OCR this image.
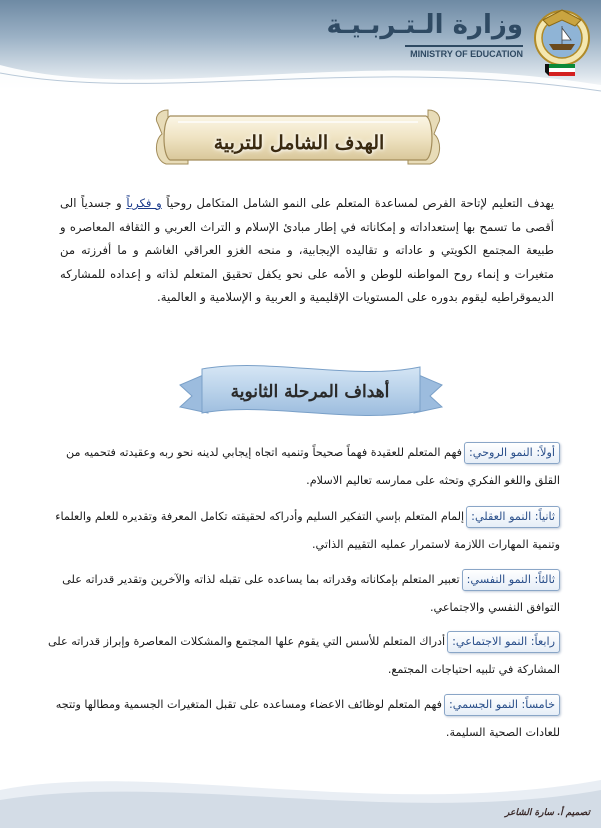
وزارة الـتـربـيـة
MINISTRY OF EDUCATION
الهدف الشامل للتربية
يهدف التعليم لإتاحة الفرص لمساعدة المتعلم على النمو الشامل المتكامل روحياً و فكرياً و جسدياً الى أقصى ما تسمح بها إستعداداته و إمكاناته في إطار مبادئ الإسلام و التراث العربي و الثقافه المعاصره و طبيعة المجتمع الكويتي و عاداته و تقاليده الإيجابية، و منحه الغزو العراقي الغاشم و ما أفرزته من متغيرات و إنماء روح المواطنه للوطن و الأمه على نحو يكفل تحقيق المتعلم لذاته و إعداده للمشاركه الديموقراطيه ليقوم بدوره على المستويات الإقليمية و العربية و الإسلامية و العالمية.
أهداف المرحلة الثانوية
أولاً: النمو الروحي:فهم المتعلم للعقيدة فهماً صحيحاً وتنميه اتجاه إيجابي لدينه نحو ربه وعقيدته فتحميه من القلق واللغو الفكري وتحثه على ممارسه تعاليم الاسلام.
ثانياً: النمو العقلي:إلمام المتعلم بإسي التفكير السليم وأدراكه لحقيقته تكامل المعرفة وتقديره للعلم والعلماء وتنمية المهارات اللازمة لاستمرار عمليه التقييم الذاتي.
ثالثاً: النمو النفسي:تعبير المتعلم بإمكاناته وقدراته بما يساعده على تقبله لذاته والآخرين وتقدير قدراته على التوافق النفسي والاجتماعي.
رابعاً: النمو الاجتماعي:أدراك المتعلم للأسس التي يقوم علها المجتمع والمشكلات المعاصرة وإبراز قدراته على المشاركة في تلبيه احتياجات المجتمع.
خامساً: النمو الجسمي:فهم المتعلم لوظائف الاعضاء ومساعده على تقبل المتغيرات الجسمية ومطالها وتتجه للعادات الصحية السليمة.
تصميم أ. سارة الشاعر
